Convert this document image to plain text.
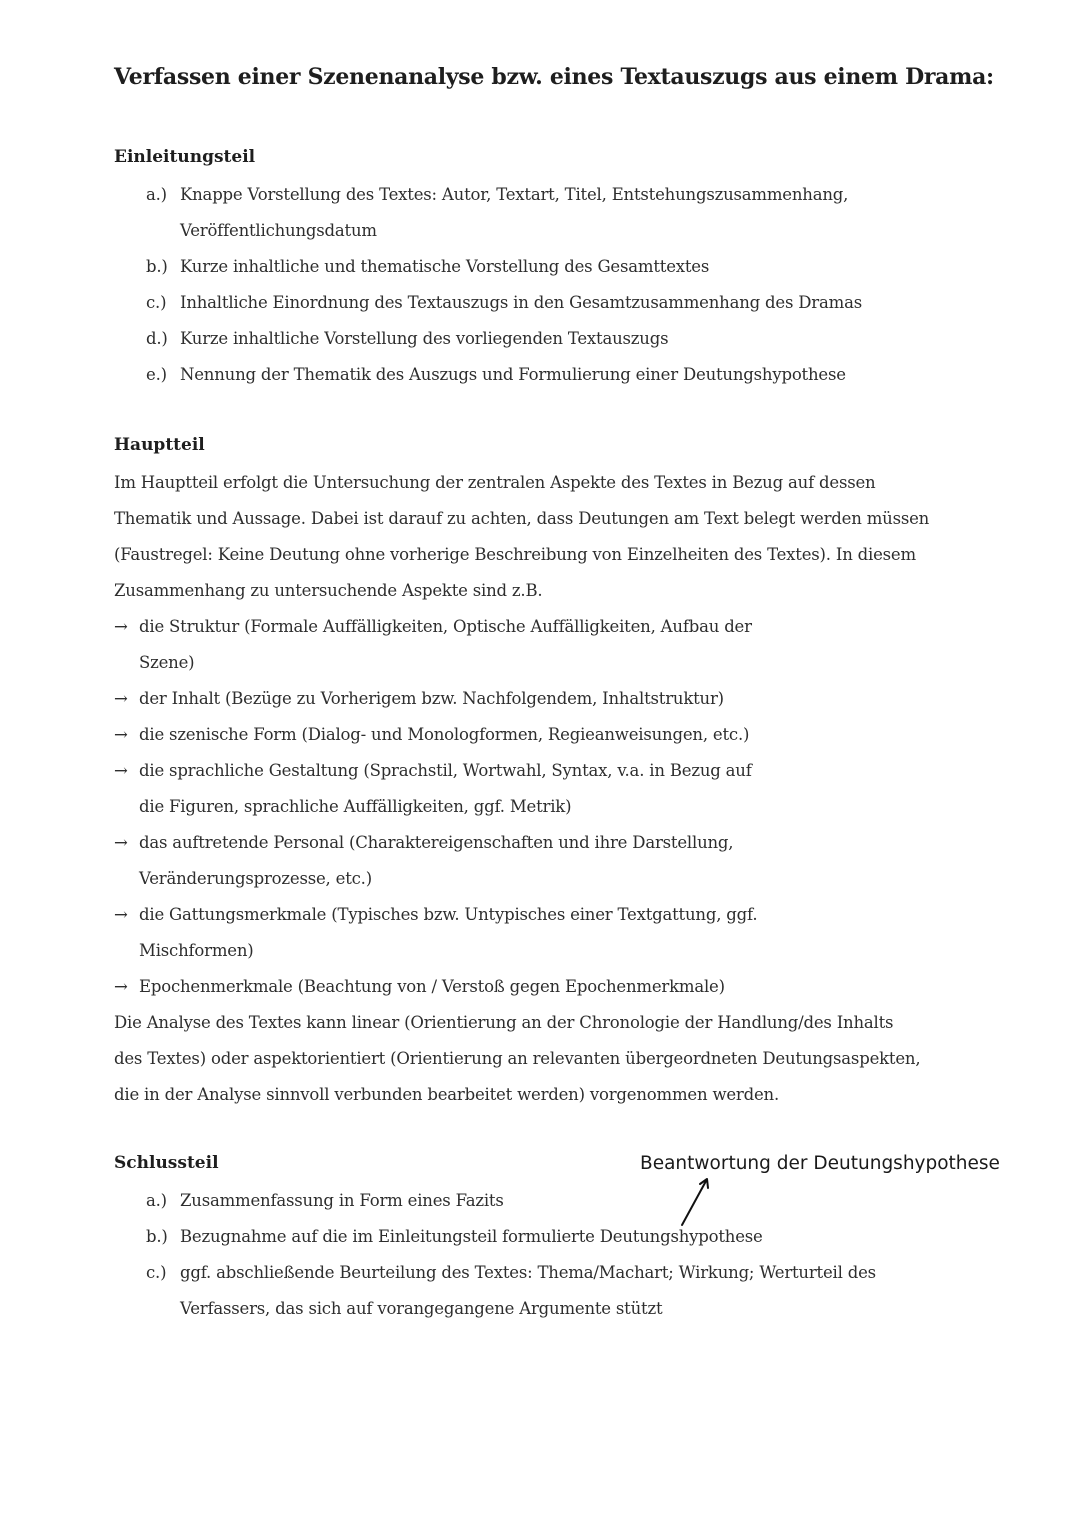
Verfassen einer Szenenanalyse bzw. eines Textauszugs aus einem Drama:
Einleitungsteil
a.) Knappe Vorstellung des Textes: Autor, Textart, Titel, Entstehungszusammenhang,
Veröffentlichungsdatum
b.) Kurze inhaltliche und thematische Vorstellung des Gesamttextes
c.) Inhaltliche Einordnung des Textauszugs in den Gesamtzusammenhang des Dramas
d.) Kurze inhaltliche Vorstellung des vorliegenden Textauszugs
e.) Nennung der Thematik des Auszugs und Formulierung einer Deutungshypothese
Hauptteil
Im Hauptteil erfolgt die Untersuchung der zentralen Aspekte des Textes in Bezug auf dessen
Thematik und Aussage. Dabei ist darauf zu achten, dass Deutungen am Text belegt werden müssen
(Faustregel: Keine Deutung ohne vorherige Beschreibung von Einzelheiten des Textes). In diesem
Zusammenhang zu untersuchende Aspekte sind z.B.
→ die Struktur (Formale Auffälligkeiten, Optische Auffälligkeiten, Aufbau der
Szene)
→ der Inhalt (Bezüge zu Vorherigem bzw. Nachfolgendem, Inhaltstruktur)
→ die szenische Form (Dialog- und Monologformen, Regieanweisungen, etc.)
→ die sprachliche Gestaltung (Sprachstil, Wortwahl, Syntax, v.a. in Bezug auf
die Figuren, sprachliche Auffälligkeiten, ggf. Metrik)
→ das auftretende Personal (Charaktereigenschaften und ihre Darstellung,
Veränderungsprozesse, etc.)
→ die Gattungsmerkmale (Typisches bzw. Untypisches einer Textgattung, ggf.
Mischformen)
→ Epochenmerkmale (Beachtung von / Verstoß gegen Epochenmerkmale)
Die Analyse des Textes kann linear (Orientierung an der Chronologie der Handlung/des Inhalts
des Textes) oder aspektorientiert (Orientierung an relevanten übergeordneten Deutungsaspekten,
die in der Analyse sinnvoll verbunden bearbeitet werden) vorgenommen werden.
Schlussteil
a.) Zusammenfassung in Form eines Fazits
b.) Bezugnahme auf die im Einleitungsteil formulierte Deutungshypothese
c.) ggf. abschließende Beurteilung des Textes: Thema/Machart; Wirkung; Werturteil des
Verfassers, das sich auf vorangegangene Argumente stützt
Beantwortung der Deutungshypothese
